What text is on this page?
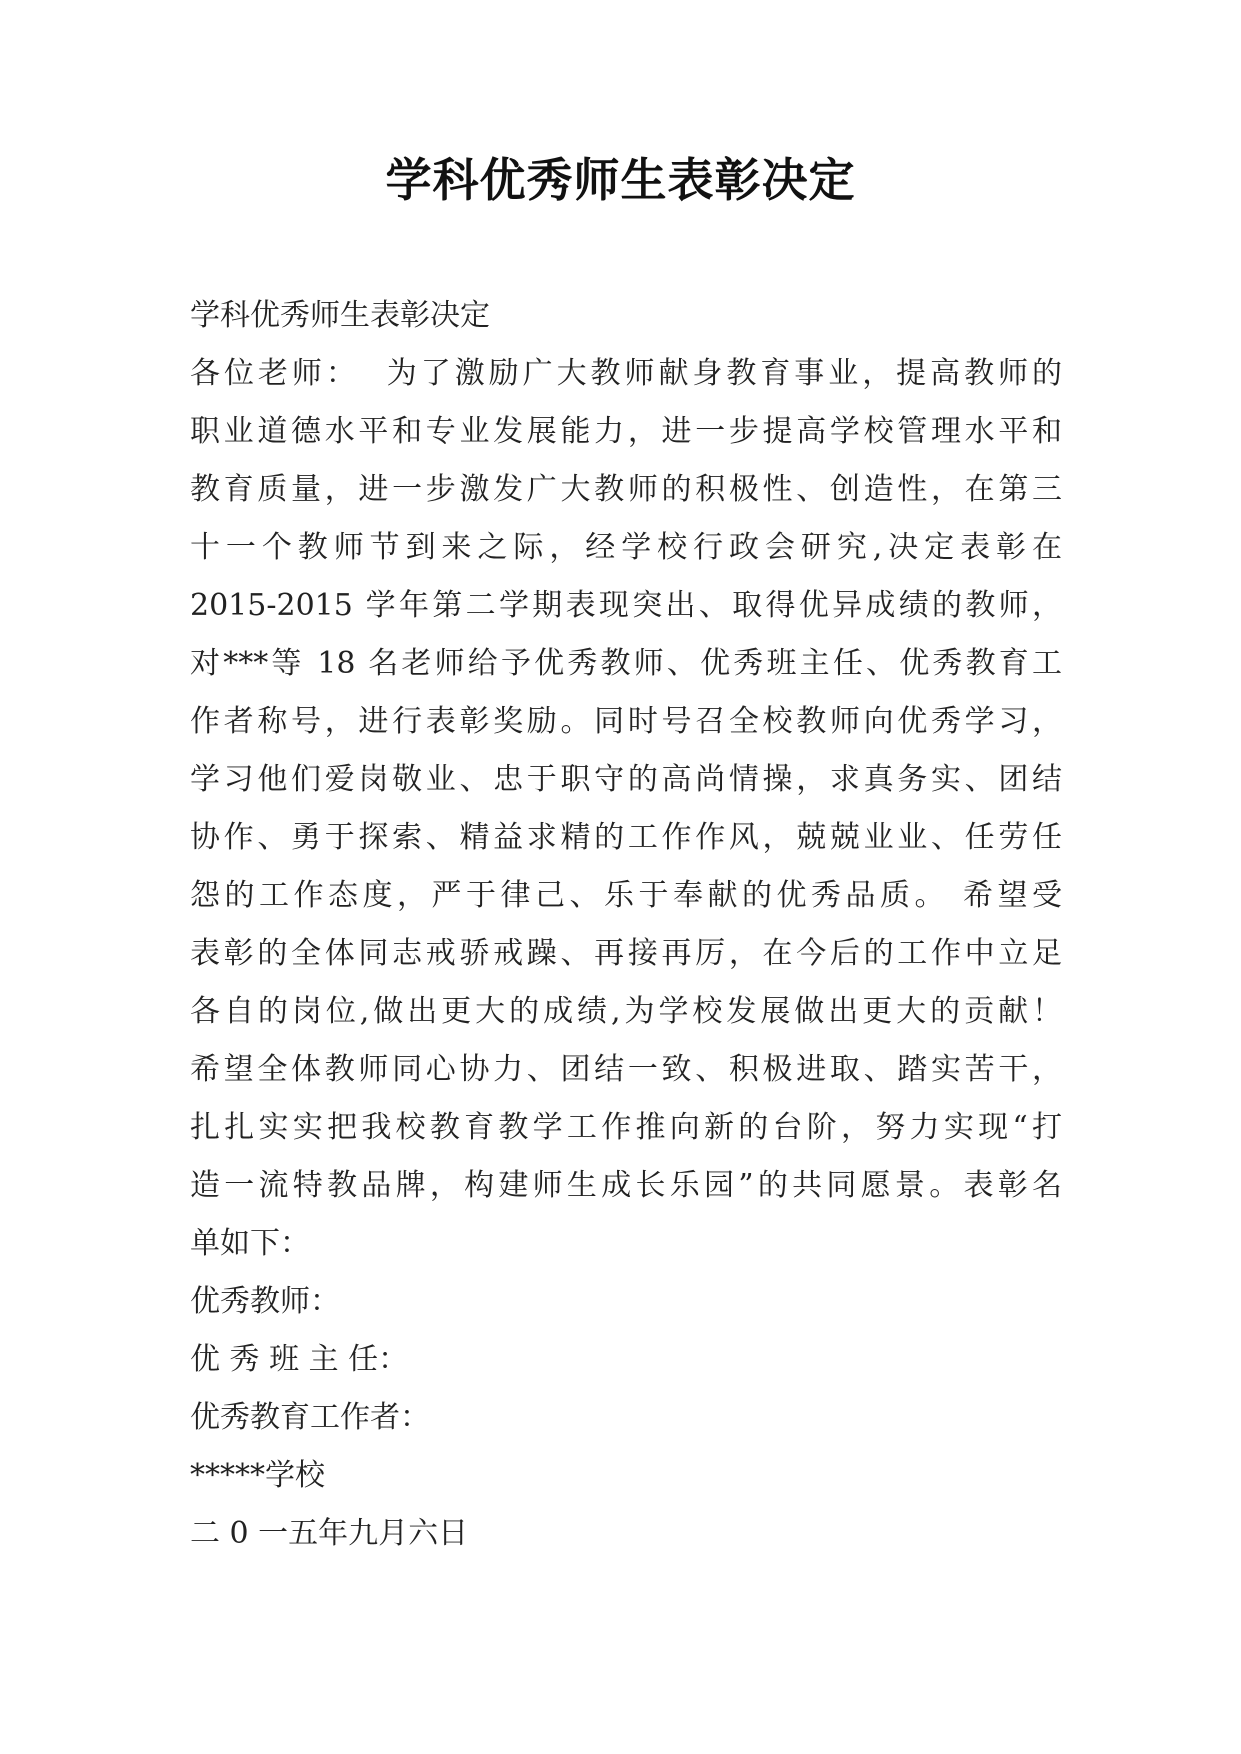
学科优秀师生表彰决定
学科优秀师生表彰决定
各位老师：  为了激励广大教师献身教育事业，提高教师的
职业道德水平和专业发展能力，进一步提高学校管理水平和
教育质量，进一步激发广大教师的积极性、创造性，在第三
十一个教师节到来之际，经学校行政会研究,决定表彰在
2015-2015 学年第二学期表现突出、取得优异成绩的教师，
对***等 18 名老师给予优秀教师、优秀班主任、优秀教育工
作者称号，进行表彰奖励。同时号召全校教师向优秀学习，
学习他们爱岗敬业、忠于职守的高尚情操，求真务实、团结
协作、勇于探索、精益求精的工作作风，兢兢业业、任劳任
怨的工作态度，严于律己、乐于奉献的优秀品质。 希望受
表彰的全体同志戒骄戒躁、再接再厉，在今后的工作中立足
各自的岗位,做出更大的成绩,为学校发展做出更大的贡献！
希望全体教师同心协力、团结一致、积极进取、踏实苦干，
扎扎实实把我校教育教学工作推向新的台阶，努力实现“打
造一流特教品牌，构建师生成长乐园”的共同愿景。表彰名
单如下：
优秀教师：
优 秀 班 主 任：
优秀教育工作者：
*****学校
二 0 一五年九月六日
